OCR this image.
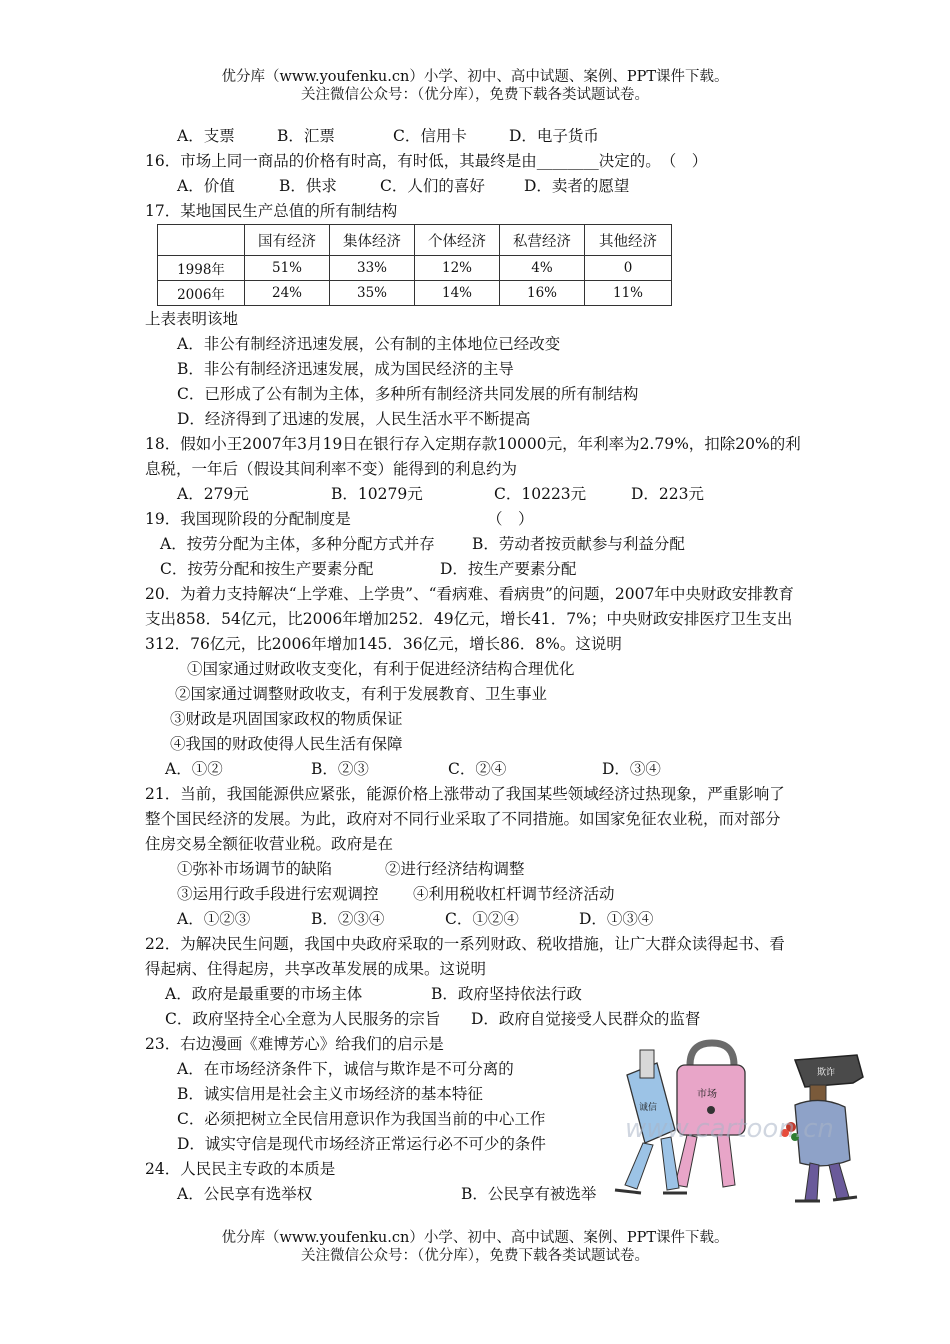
优分库（www.youfenku.cn）小学、初中、高中试题、案例、PPT课件下载。
关注微信公众号：（优分库），免费下载各类试题试卷。
A．支票	B．汇票	C．信用卡	D．电子货币
16．市场上同一商品的价格有时高，有时低，其最终是由________决定的。　（　）
A．价值	B．供求	C．人们的喜好	D．卖者的愿望
17．某地国民生产总值的所有制结构
	国有经济	集体经济	个体经济	私营经济	其他经济
1998年	51%	33%	12%	4%	0
2006年	24%	35%	14%	16%	11%
上表表明该地
A．非公有制经济迅速发展，公有制的主体地位已经改变
B．非公有制经济迅速发展，成为国民经济的主导
C．已形成了公有制为主体，多种所有制经济共同发展的所有制结构
D．经济得到了迅速的发展，人民生活水平不断提高
18．假如小王2007年3月19日在银行存入定期存款10000元，年利率为2.79%，扣除20%的利
息税，一年后（假设其间利率不变）能得到的利息约为
A．279元	B．10279元	C．10223元	D．223元
19．我国现阶段的分配制度是	（　）
A．按劳分配为主体，多种分配方式并存 B．劳动者按贡献参与利益分配
C．按劳分配和按生产要素分配	D．按生产要素分配
20．为着力支持解决“上学难、上学贵”、“看病难、看病贵”的问题，2007年中央财政安排教育
支出858．54亿元，比2006年增加252．49亿元，增长41．7%；中央财政安排医疗卫生支出
312．76亿元，比2006年增加145．36亿元，增长86．8%。这说明
①国家通过财政收支变化，有利于促进经济结构合理优化
②国家通过调整财政收支，有利于发展教育、卫生事业
③财政是巩固国家政权的物质保证
④我国的财政使得人民生活有保障
A．①②	B．②③	C．②④	D．③④
21．当前，我国能源供应紧张，能源价格上涨带动了我国某些领域经济过热现象，严重影响了
整个国民经济的发展。为此，政府对不同行业采取了不同措施。如国家免征农业税，而对部分
住房交易全额征收营业税。政府是在
①弥补市场调节的缺陷	②进行经济结构调整
③运用行政手段进行宏观调控 ④利用税收杠杆调节经济活动
A．①②③	B．②③④	C．①②④	D．①③④
22．为解决民生问题，我国中央政府采取的一系列财政、税收措施，让广大群众读得起书、看
得起病、住得起房，共享改革发展的成果。这说明
A．政府是最重要的市场主体	B．政府坚持依法行政
C．政府坚持全心全意为人民服务的宗旨 D．政府自觉接受人民群众的监督
23．右边漫画《难博芳心》给我们的启示是
A．在市场经济条件下，诚信与欺诈是不可分离的
B．诚实信用是社会主义市场经济的基本特征
C．必须把树立全民信用意识作为我国当前的中心工作
D．诚实守信是现代市场经济正常运行必不可少的条件
24．人民民主专政的本质是
A．公民享有选举权	B．公民享有被选举
欺诈
市场
诚信
www.cartoon.cn
优分库（www.youfenku.cn）小学、初中、高中试题、案例、PPT课件下载。
关注微信公众号：（优分库），免费下载各类试题试卷。
